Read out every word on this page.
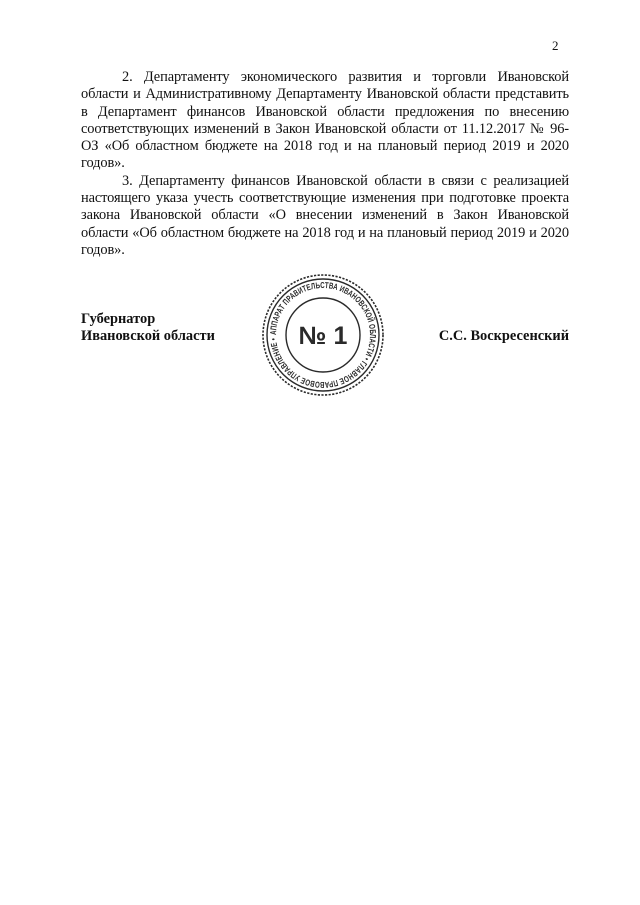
2

2. Департаменту экономического развития и торговли Ивановской области и Административному Департаменту Ивановской области представить в Департамент финансов Ивановской области предложения по внесению соответствующих изменений в Закон Ивановской области от 11.12.2017 № 96-ОЗ «Об областном бюджете на 2018 год и на плановый период 2019 и 2020 годов».

3. Департаменту финансов Ивановской области в связи с реализацией настоящего указа учесть соответствующие изменения при подготовке проекта закона Ивановской области «О внесении изменений в Закон Ивановской области «Об областном бюджете на 2018 год и на плановый период 2019 и 2020 годов».

Губернатор
Ивановской области	С.С. Воскресенский
АППАРАТ ПРАВИТЕЛЬСТВА ИВАНОВСКОЙ ОБЛАСТИ • ГЛАВНОЕ ПРАВОВОЕ УПРАВЛЕНИЕ • № 1
